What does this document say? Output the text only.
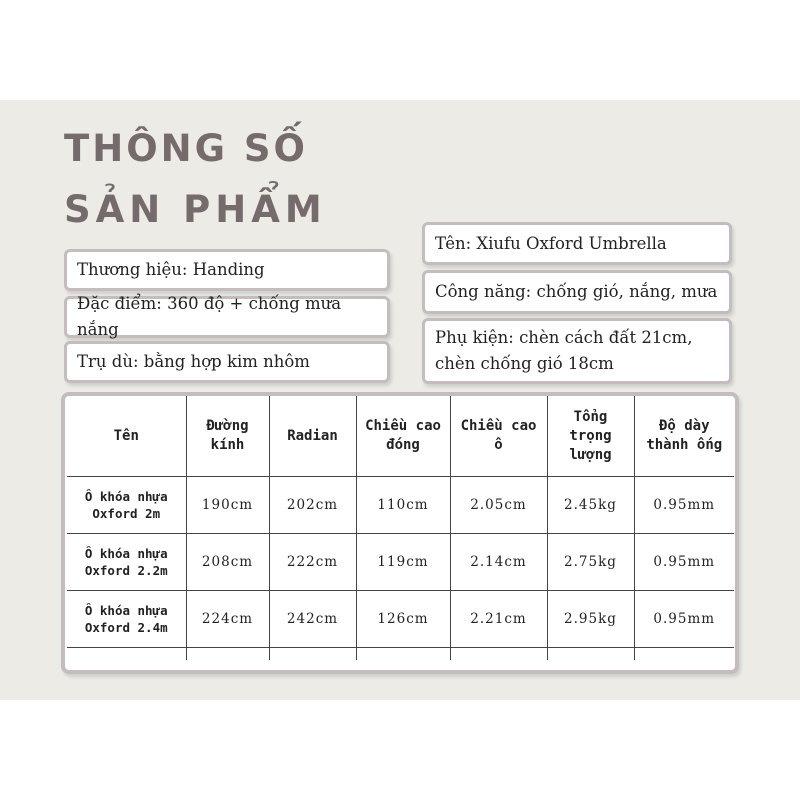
THÔNG SỐ
SẢN PHẨM
Thương hiệu: Handing
Đặc điểm: 360 độ + chống mưa nắng
Trụ dù: bằng hợp kim nhôm
Tên: Xiufu Oxford Umbrella
Công năng: chống gió, nắng, mưa
Phụ kiện: chèn cách đất 21cm, chèn chống gió 18cm
Tên	Đường kính	Radian	Chiều cao đóng	Chiều cao ô	Tổng trọng lượng	Độ dày thành ống
Ô khóa nhựa Oxford 2m	190cm	202cm	110cm	2.05cm	2.45kg	0.95mm
Ô khóa nhựa Oxford 2.2m	208cm	222cm	119cm	2.14cm	2.75kg	0.95mm
Ô khóa nhựa Oxford 2.4m	224cm	242cm	126cm	2.21cm	2.95kg	0.95mm
